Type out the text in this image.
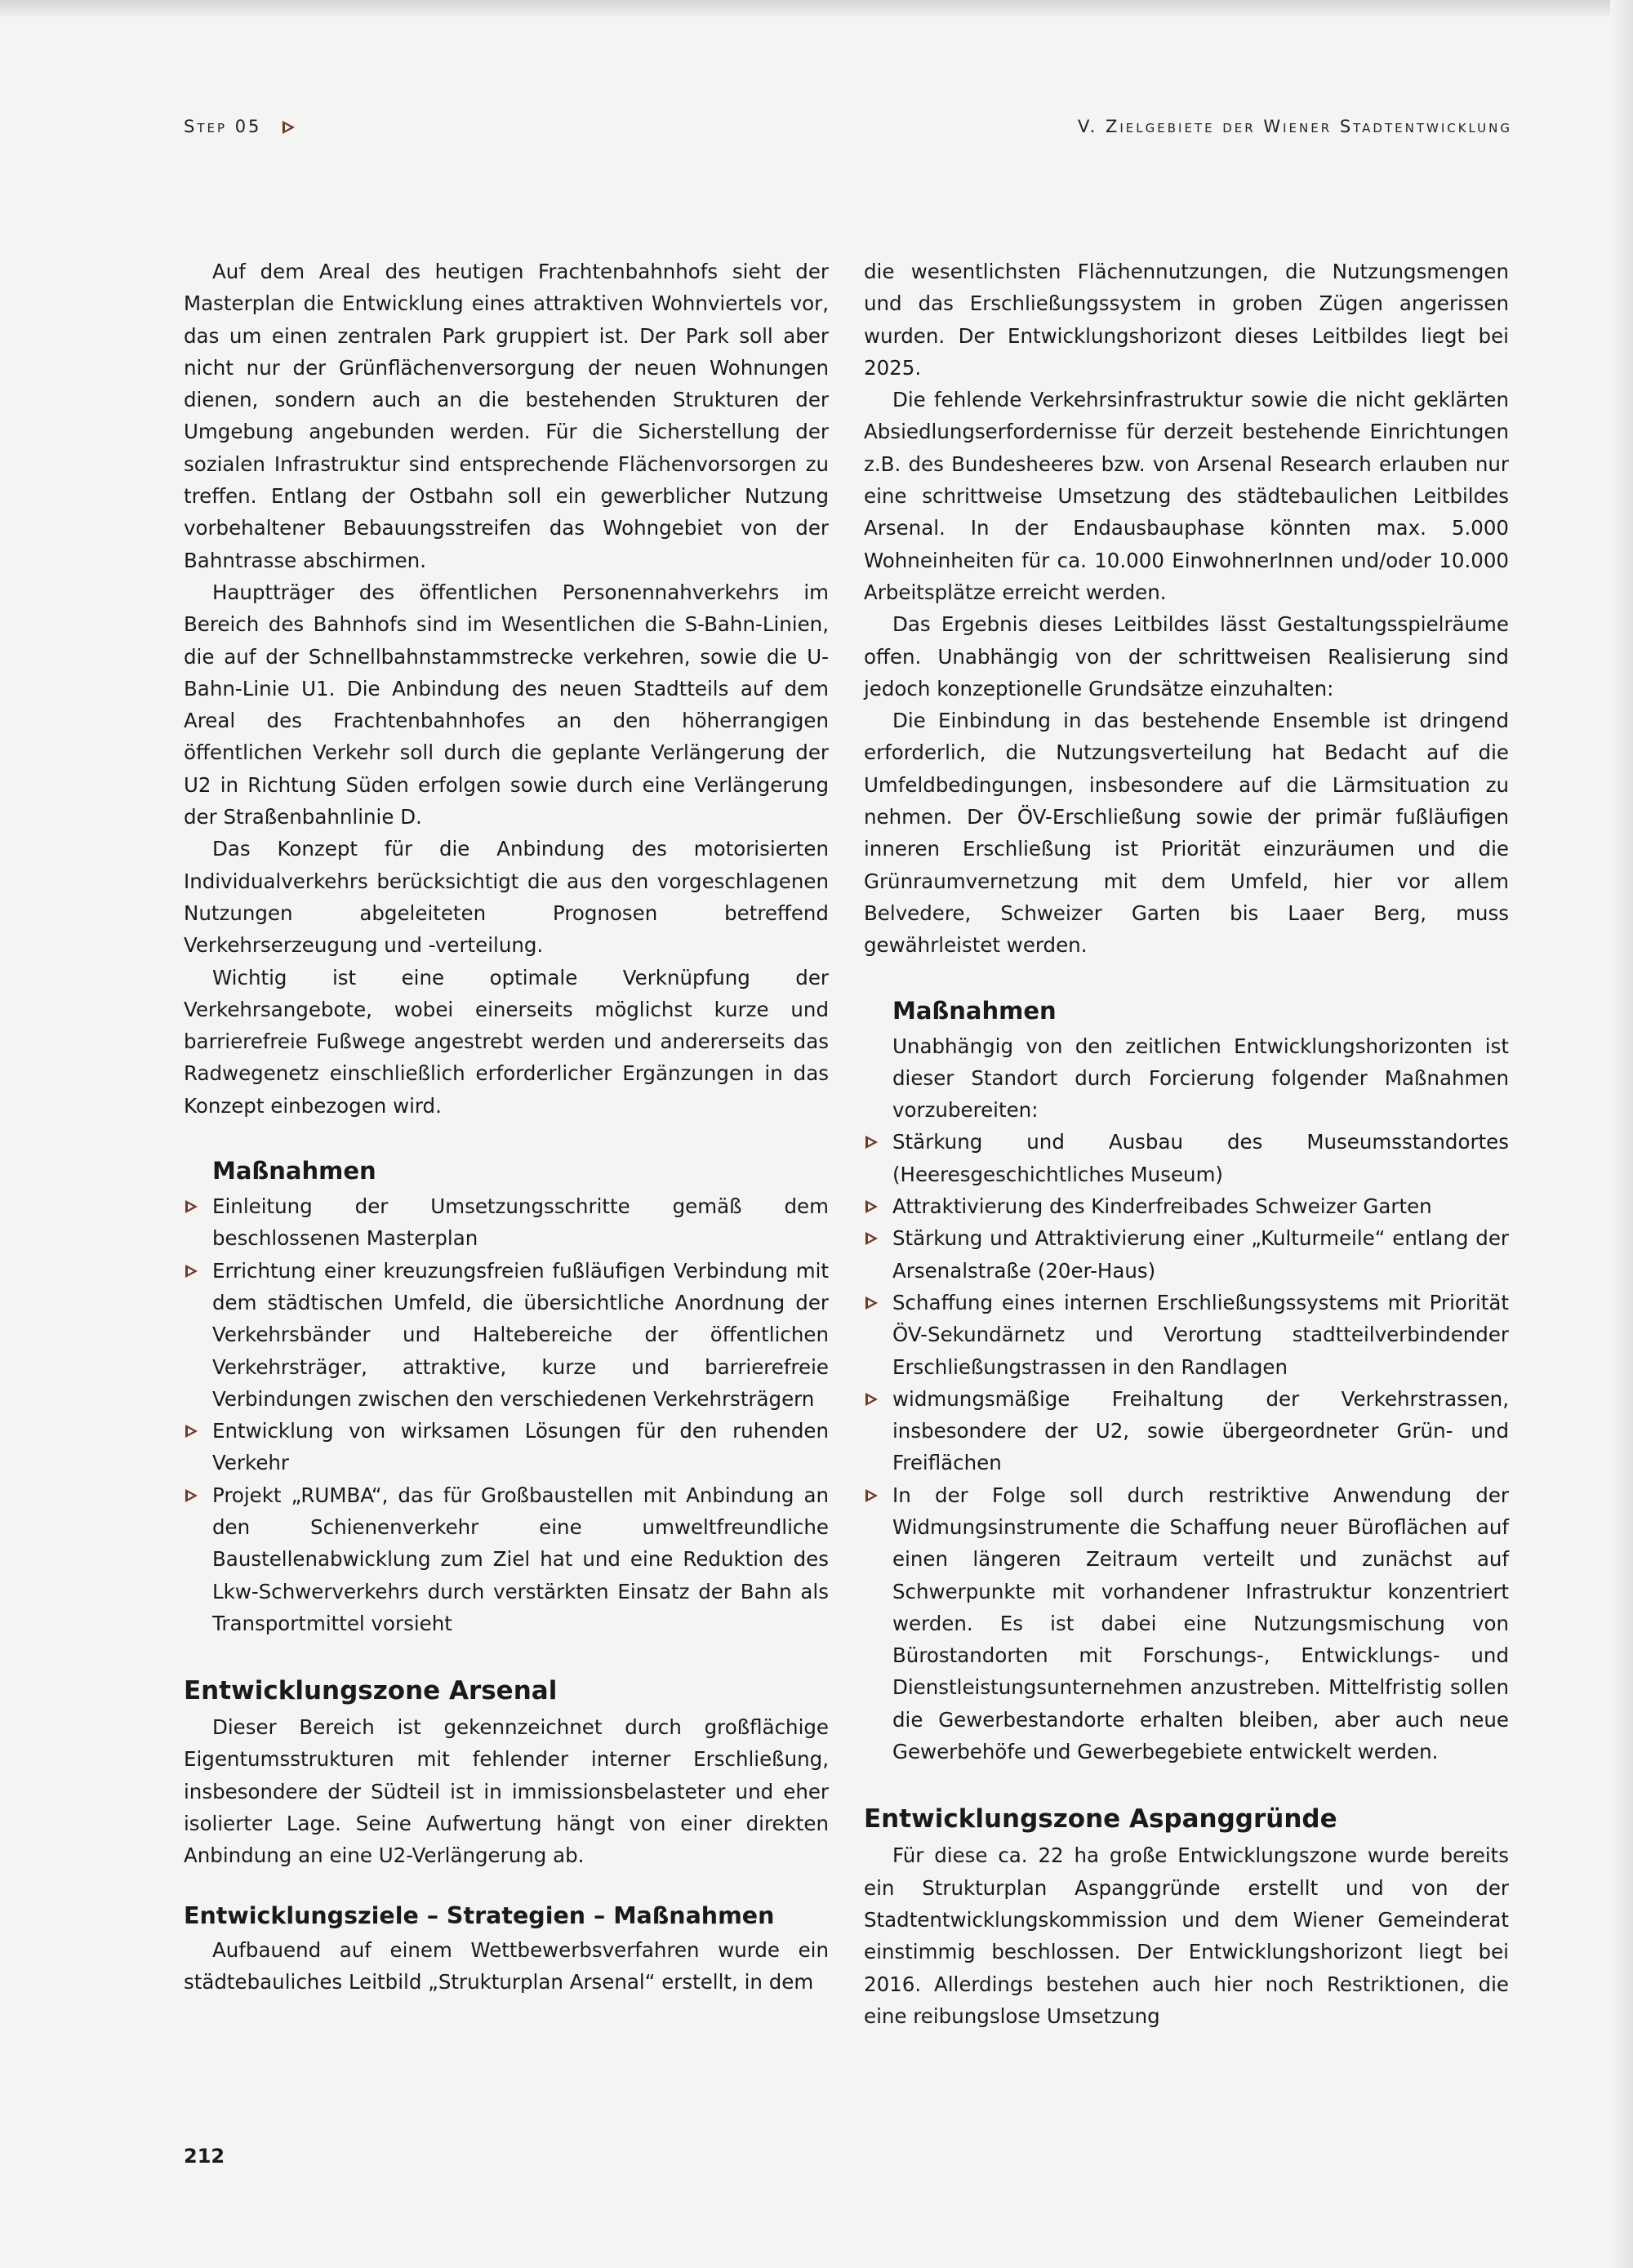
Step 05	V. Zielgebiete der Wiener Stadtentwicklung

Auf dem Areal des heutigen Frachtenbahnhofs sieht der Masterplan die Entwicklung eines attraktiven Wohnviertels vor, das um einen zentralen Park gruppiert ist. Der Park soll aber nicht nur der Grünflächenversorgung der neuen Wohnungen dienen, sondern auch an die bestehenden Strukturen der Umgebung angebunden werden. Für die Sicherstellung der sozialen Infrastruktur sind entsprechende Flächenvorsorgen zu treffen. Entlang der Ostbahn soll ein gewerblicher Nutzung vorbehaltener Bebauungsstreifen das Wohngebiet von der Bahntrasse abschirmen.

Hauptträger des öffentlichen Personennahverkehrs im Bereich des Bahnhofs sind im Wesentlichen die S-Bahn-Linien, die auf der Schnellbahnstammstrecke verkehren, sowie die U-Bahn-Linie U1. Die Anbindung des neuen Stadtteils auf dem Areal des Frachtenbahnhofes an den höherrangigen öffentlichen Verkehr soll durch die geplante Verlängerung der U2 in Richtung Süden erfolgen sowie durch eine Verlängerung der Straßenbahnlinie D.

Das Konzept für die Anbindung des motorisierten Individualverkehrs berücksichtigt die aus den vorgeschlagenen Nutzungen abgeleiteten Prognosen betreffend Verkehrserzeugung und -verteilung.

Wichtig ist eine optimale Verknüpfung der Verkehrsangebote, wobei einerseits möglichst kurze und barrierefreie Fußwege angestrebt werden und andererseits das Radwegenetz einschließlich erforderlicher Ergänzungen in das Konzept einbezogen wird.

Maßnahmen
Einleitung der Umsetzungsschritte gemäß dem beschlossenen Masterplan
Errichtung einer kreuzungsfreien fußläufigen Verbindung mit dem städtischen Umfeld, die übersichtliche Anordnung der Verkehrsbänder und Haltebereiche der öffentlichen Verkehrsträger, attraktive, kurze und barrierefreie Verbindungen zwischen den verschiedenen Verkehrsträgern
Entwicklung von wirksamen Lösungen für den ruhenden Verkehr
Projekt „RUMBA“, das für Großbaustellen mit Anbindung an den Schienenverkehr eine umweltfreundliche Baustellenabwicklung zum Ziel hat und eine Reduktion des Lkw-Schwerverkehrs durch verstärkten Einsatz der Bahn als Transportmittel vorsieht
Entwicklungszone Arsenal

Dieser Bereich ist gekennzeichnet durch großflächige Eigentumsstrukturen mit fehlender interner Erschließung, insbesondere der Südteil ist in immissionsbelasteter und eher isolierter Lage. Seine Aufwertung hängt von einer direkten Anbindung an eine U2-Verlängerung ab.

Entwicklungsziele – Strategien – Maßnahmen

Aufbauend auf einem Wettbewerbsverfahren wurde ein städtebauliches Leitbild „Strukturplan Arsenal“ erstellt, in dem

die wesentlichsten Flächennutzungen, die Nutzungsmengen und das Erschließungssystem in groben Zügen angerissen wurden. Der Entwicklungshorizont dieses Leitbildes liegt bei 2025.

Die fehlende Verkehrsinfrastruktur sowie die nicht geklärten Absiedlungserfordernisse für derzeit bestehende Einrichtungen z.B. des Bundesheeres bzw. von Arsenal Research erlauben nur eine schrittweise Umsetzung des städtebaulichen Leitbildes Arsenal. In der Endausbauphase könnten max. 5.000 Wohneinheiten für ca. 10.000 EinwohnerInnen und/oder 10.000 Arbeitsplätze erreicht werden.

Das Ergebnis dieses Leitbildes lässt Gestaltungsspielräume offen. Unabhängig von der schrittweisen Realisierung sind jedoch konzeptionelle Grundsätze einzuhalten:

Die Einbindung in das bestehende Ensemble ist dringend erforderlich, die Nutzungsverteilung hat Bedacht auf die Umfeldbedingungen, insbesondere auf die Lärmsituation zu nehmen. Der ÖV-Erschließung sowie der primär fußläufigen inneren Erschließung ist Priorität einzuräumen und die Grünraumvernetzung mit dem Umfeld, hier vor allem Belvedere, Schweizer Garten bis Laaer Berg, muss gewährleistet werden.

Maßnahmen

Unabhängig von den zeitlichen Entwicklungshorizonten ist dieser Standort durch Forcierung folgender Maßnahmen vorzubereiten:

Stärkung und Ausbau des Museumsstandortes (Heeresgeschichtliches Museum)
Attraktivierung des Kinderfreibades Schweizer Garten
Stärkung und Attraktivierung einer „Kulturmeile“ entlang der Arsenalstraße (20er-Haus)
Schaffung eines internen Erschließungssystems mit Priorität ÖV-Sekundärnetz und Verortung stadtteilverbindender Erschließungstrassen in den Randlagen
widmungsmäßige Freihaltung der Verkehrstrassen, insbesondere der U2, sowie übergeordneter Grün- und Freiflächen
In der Folge soll durch restriktive Anwendung der Widmungsinstrumente die Schaffung neuer Büroflächen auf einen längeren Zeitraum verteilt und zunächst auf Schwerpunkte mit vorhandener Infrastruktur konzentriert werden. Es ist dabei eine Nutzungsmischung von Bürostandorten mit Forschungs-, Entwicklungs- und Dienstleistungsunternehmen anzustreben. Mittelfristig sollen die Gewerbestandorte erhalten bleiben, aber auch neue Gewerbehöfe und Gewerbegebiete entwickelt werden.
Entwicklungszone Aspanggründe

Für diese ca. 22 ha große Entwicklungszone wurde bereits ein Strukturplan Aspanggründe erstellt und von der Stadtentwicklungskommission und dem Wiener Gemeinderat einstimmig beschlossen. Der Entwicklungshorizont liegt bei 2016. Allerdings bestehen auch hier noch Restriktionen, die eine reibungslose Umsetzung

212
